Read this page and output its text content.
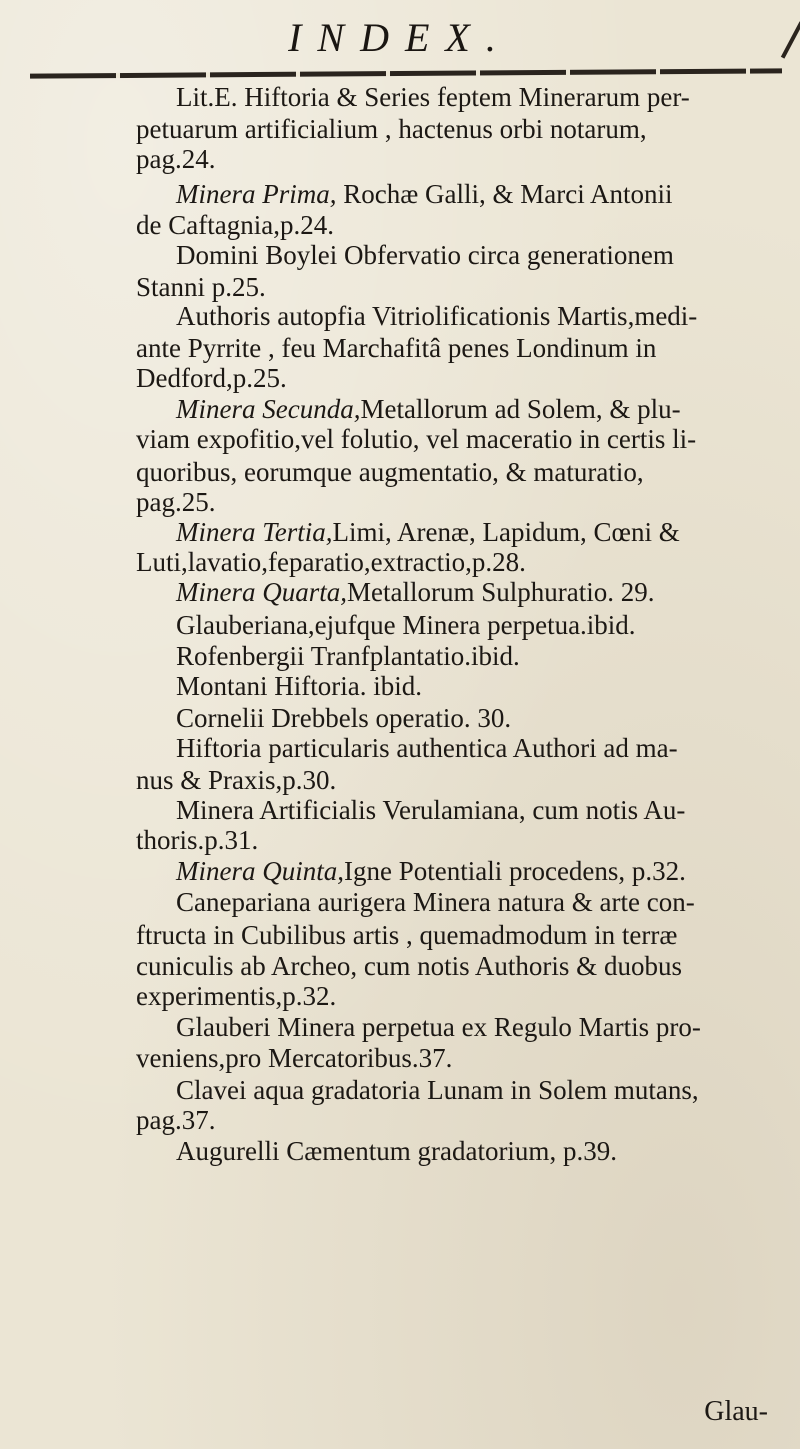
INDEX.
Lit.E. Hiftoria & Series feptem Minerarum per-
petuarum artificialium , hactenus orbi notarum,
pag.24.
Minera Prima, Rochæ Galli, & Marci Antonii
de Caftagnia,p.24.
Domini Boylei Obfervatio circa generationem
Stanni p.25.
Authoris autopfia Vitriolificationis Martis,medi-
ante Pyrrite , feu Marchafitâ penes Londinum in
Dedford,p.25.
Minera Secunda,Metallorum ad Solem, & plu-
viam expofitio,vel folutio, vel maceratio in certis li-
quoribus, eorumque augmentatio, & maturatio,
pag.25.
Minera Tertia,Limi, Arenæ, Lapidum, Cœni &
Luti,lavatio,feparatio,extractio,p.28.
Minera Quarta,Metallorum Sulphuratio. 29.
Glauberiana,ejufque Minera perpetua.ibid.
Rofenbergii Tranfplantatio.ibid.
Montani Hiftoria. ibid.
Cornelii Drebbels operatio. 30.
Hiftoria particularis authentica Authori ad ma-
nus & Praxis,p.30.
Minera Artificialis Verulamiana, cum notis Au-
thoris.p.31.
Minera Quinta,Igne Potentiali procedens, p.32.
Canepariana aurigera Minera natura & arte con-
ftructa in Cubilibus artis , quemadmodum in terræ
cuniculis ab Archeo, cum notis Authoris & duobus
experimentis,p.32.
Glauberi Minera perpetua ex Regulo Martis pro-
veniens,pro Mercatoribus.37.
Clavei aqua gradatoria Lunam in Solem mutans,
pag.37.
Augurelli Cæmentum gradatorium, p.39.
Glau-
